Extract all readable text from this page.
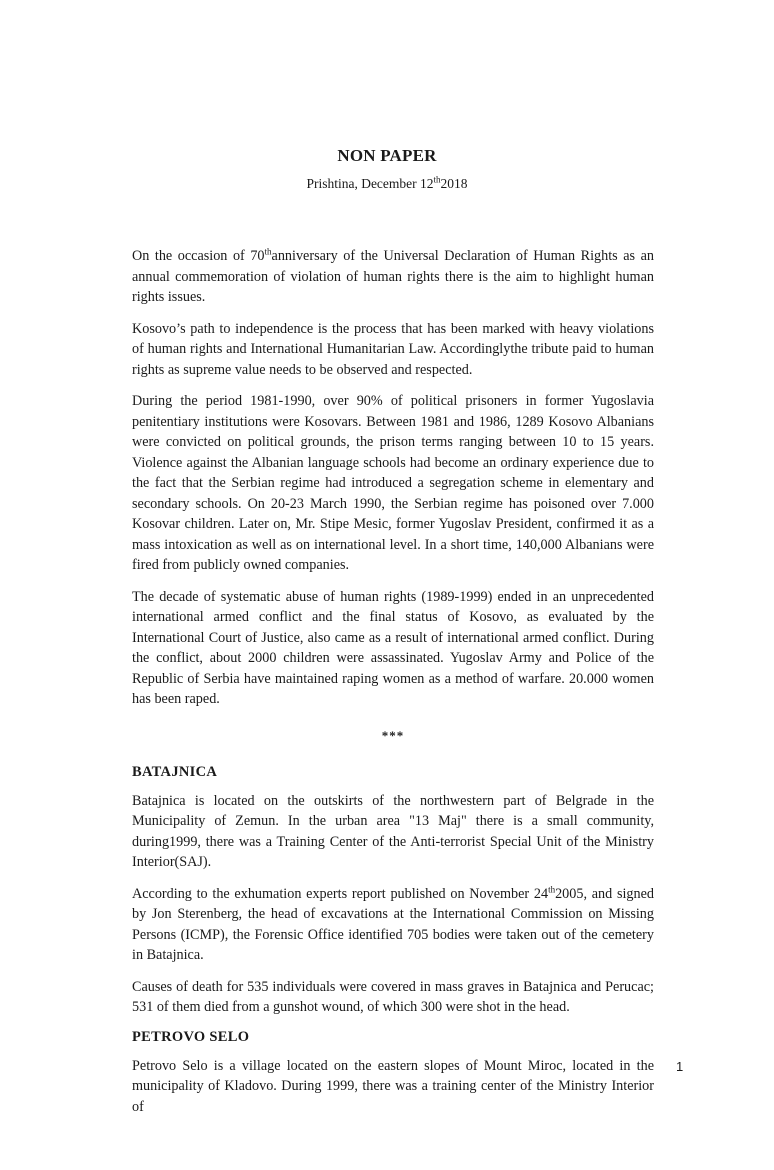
NON PAPER
Prishtina, December 12th2018

On the occasion of 70thanniversary of the Universal Declaration of Human Rights as an annual commemoration of violation of human rights there is the aim to highlight human rights issues.

Kosovo’s path to independence is the process that has been marked with heavy violations of human rights and International Humanitarian Law. Accordinglythe tribute paid to human rights as supreme value needs to be observed and respected.

During the period 1981-1990, over 90% of political prisoners in former Yugoslavia penitentiary institutions were Kosovars. Between 1981 and 1986, 1289 Kosovo Albanians were convicted on political grounds, the prison terms ranging between 10 to 15 years. Violence against the Albanian language schools had become an ordinary experience due to the fact that the Serbian regime had introduced a segregation scheme in elementary and secondary schools. On 20-23 March 1990, the Serbian regime has poisoned over 7.000 Kosovar children. Later on, Mr. Stipe Mesic, former Yugoslav President, confirmed it as a mass intoxication as well as on international level. In a short time, 140,000 Albanians were fired from publicly owned companies.

The decade of systematic abuse of human rights (1989-1999) ended in an unprecedented international armed conflict and the final status of Kosovo, as evaluated by the International Court of Justice, also came as a result of international armed conflict. During the conflict, about 2000 children were assassinated. Yugoslav Army and Police of the Republic of Serbia have maintained raping women as a method of warfare. 20.000 women has been raped.

***
BATAJNICA

Batajnica is located on the outskirts of the northwestern part of Belgrade in the Municipality of Zemun. In the urban area "13 Maj" there is a small community, during1999, there was a Training Center of the Anti-terrorist Special Unit of the Ministry Interior(SAJ).

According to the exhumation experts report published on November 24th2005, and signed by Jon Sterenberg, the head of excavations at the International Commission on Missing Persons (ICMP), the Forensic Office identified 705 bodies were taken out of the cemetery in Batajnica.

Causes of death for 535 individuals were covered in mass graves in Batajnica and Perucac; 531 of them died from a gunshot wound, of which 300 were shot in the head.

PETROVO SELO

Petrovo Selo is a village located on the eastern slopes of Mount Miroc, located in the municipality of Kladovo. During 1999, there was a training center of the Ministry Interior of

1
